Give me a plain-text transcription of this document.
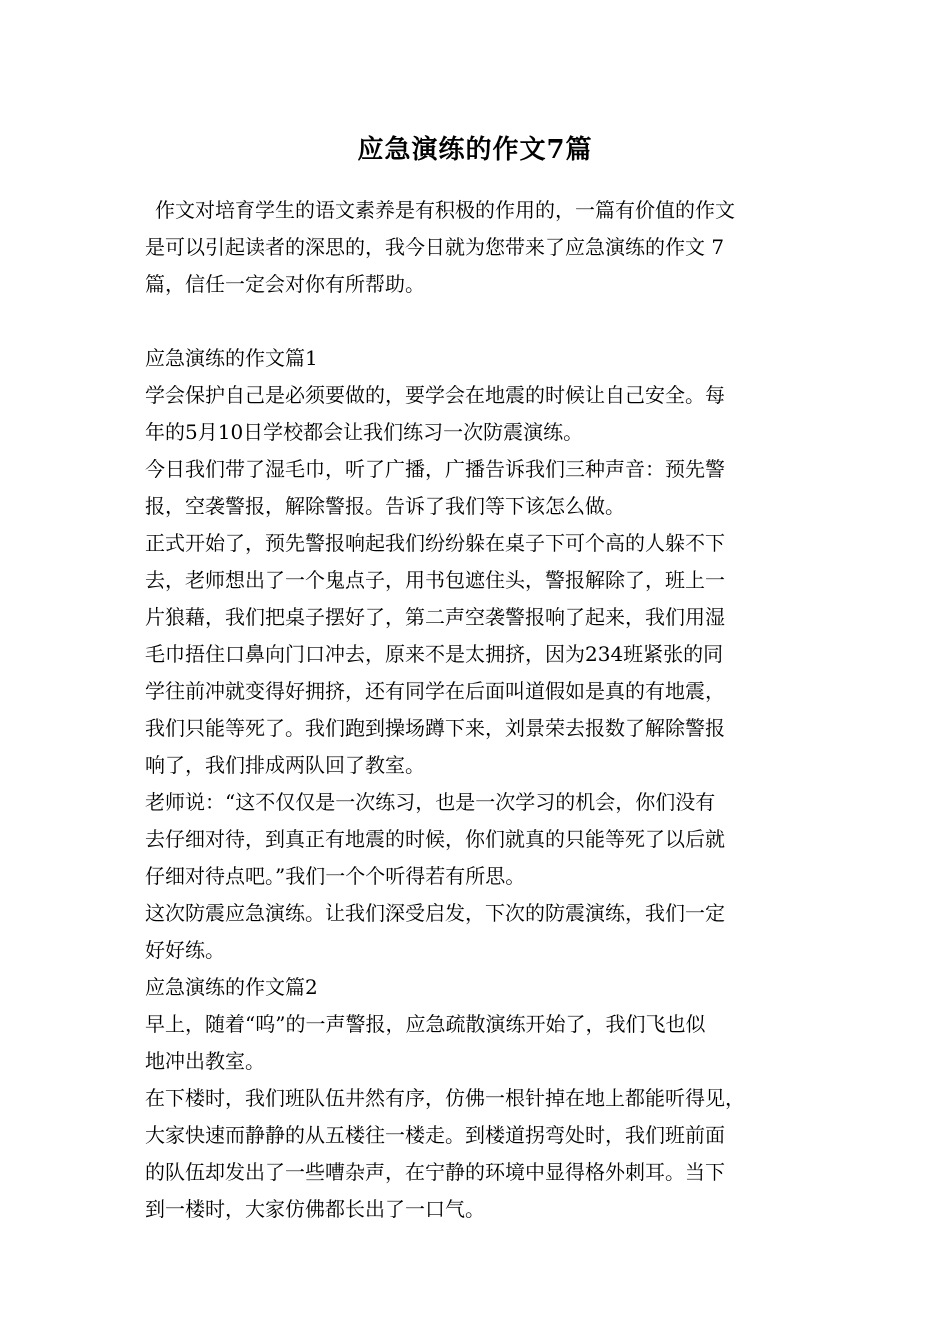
应急演练的作文7篇
作文对培育学生的语文素养是有积极的作用的，一篇有价值的作文
是可以引起读者的深思的，我今日就为您带来了应急演练的作文 7
篇，信任一定会对你有所帮助。
应急演练的作文篇1
学会保护自己是必须要做的，要学会在地震的时候让自己安全。每
年的5月10日学校都会让我们练习一次防震演练。
今日我们带了湿毛巾，听了广播，广播告诉我们三种声音：预先警
报，空袭警报，解除警报。告诉了我们等下该怎么做。
正式开始了，预先警报响起我们纷纷躲在桌子下可个高的人躲不下
去，老师想出了一个鬼点子，用书包遮住头，警报解除了，班上一
片狼藉，我们把桌子摆好了，第二声空袭警报响了起来，我们用湿
毛巾捂住口鼻向门口冲去，原来不是太拥挤，因为234班紧张的同
学往前冲就变得好拥挤，还有同学在后面叫道假如是真的有地震，
我们只能等死了。我们跑到操场蹲下来，刘景荣去报数了解除警报
响了，我们排成两队回了教室。
老师说：“这不仅仅是一次练习，也是一次学习的机会，你们没有
去仔细对待，到真正有地震的时候，你们就真的只能等死了以后就
仔细对待点吧。”我们一个个听得若有所思。
这次防震应急演练。让我们深受启发，下次的防震演练，我们一定
好好练。
应急演练的作文篇2
早上，随着“呜”的一声警报，应急疏散演练开始了，我们飞也似
地冲出教室。
在下楼时，我们班队伍井然有序，仿佛一根针掉在地上都能听得见，
大家快速而静静的从五楼往一楼走。到楼道拐弯处时，我们班前面
的队伍却发出了一些嘈杂声，在宁静的环境中显得格外刺耳。当下
到一楼时，大家仿佛都长出了一口气。
